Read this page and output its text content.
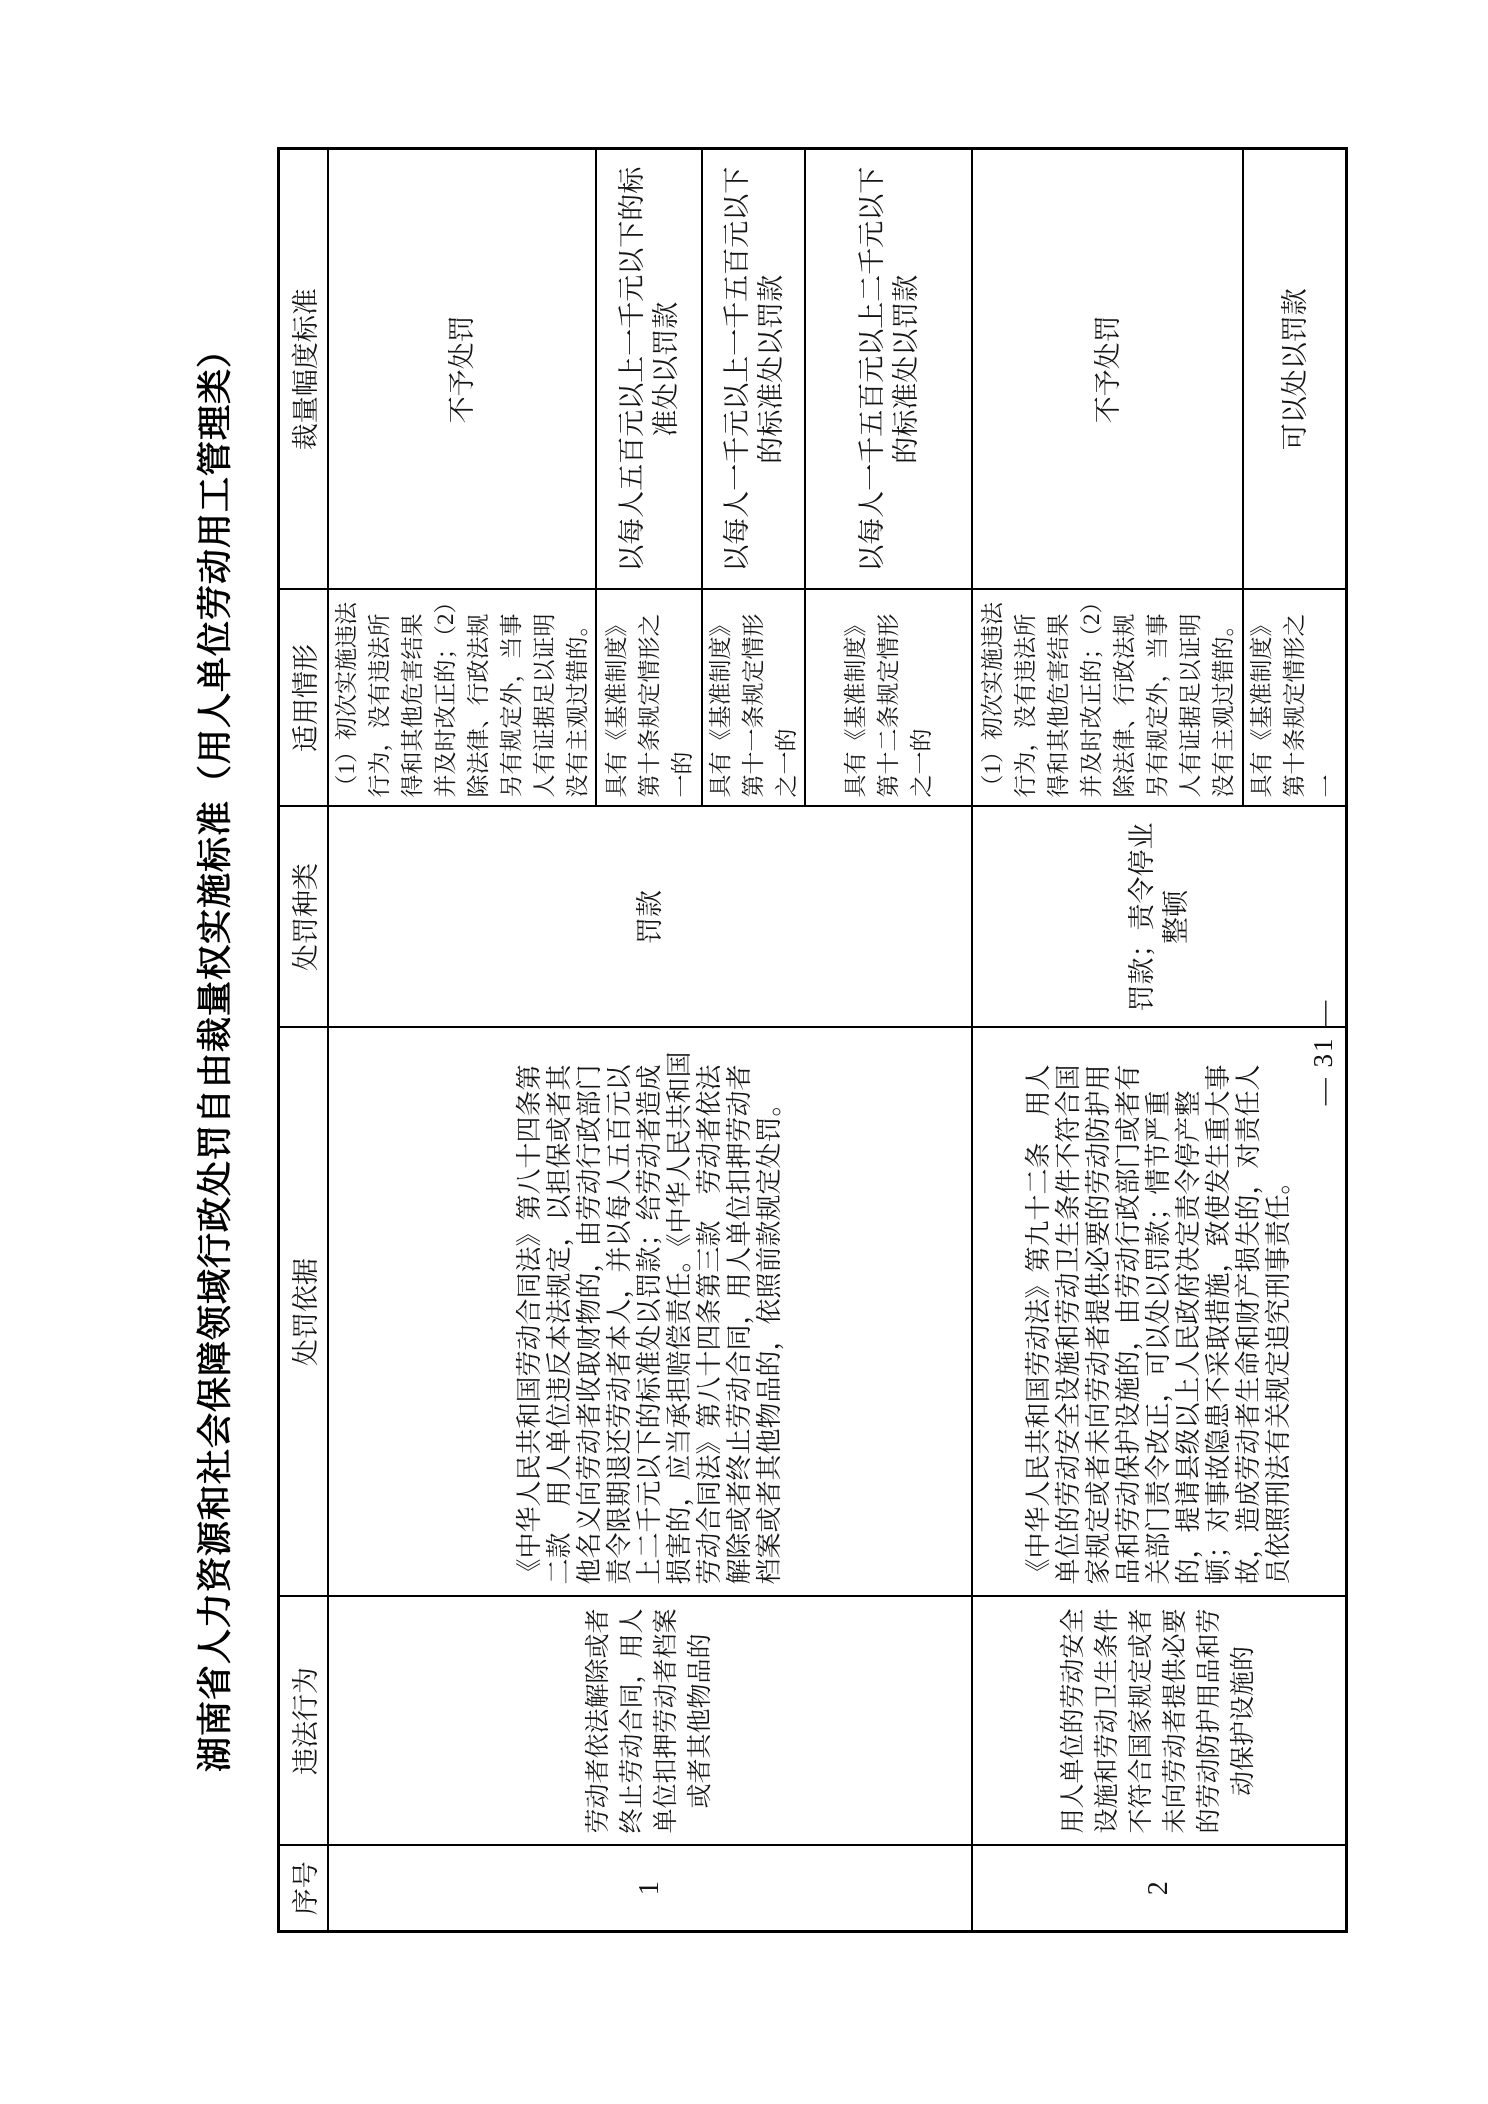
湖南省人力资源和社会保障领域行政处罚自由裁量权实施标准（用人单位劳动用工管理类）
序号	违法行为	处罚依据	处罚种类	适用情形	裁量幅度标准
1	劳动者依法解除或者终止劳动合同，用人单位扣押劳动者档案或者其他物品的	《中华人民共和国劳动合同法》第八十四条第二款　用人单位违反本法规定，以担保或者其他名义向劳动者收取财物的，由劳动行政部门责令限期退还劳动者本人，并以每人五百元以上二千元以下的标准处以罚款；给劳动者造成损害的，应当承担赔偿责任。《中华人民共和国劳动合同法》第八十四条第三款　劳动者依法解除或者终止劳动合同，用人单位扣押劳动者档案或者其他物品的，依照前款规定处罚。	罚款	（1）初次实施违法行为，没有违法所得和其他危害结果并及时改正的；（2）除法律、行政法规另有规定外，当事人有证据足以证明没有主观过错的。	不予处罚
				具有《基准制度》第十条规定情形之一的	以每人五百元以上一千元以下的标准处以罚款
				具有《基准制度》第十一条规定情形之一的	以每人一千元以上一千五百元以下的标准处以罚款
				具有《基准制度》第十二条规定情形之一的	以每人一千五百元以上二千元以下的标准处以罚款
2	用人单位的劳动安全设施和劳动卫生条件不符合国家规定或者未向劳动者提供必要的劳动防护用品和劳动保护设施的	《中华人民共和国劳动法》第九十二条　用人单位的劳动安全设施和劳动卫生条件不符合国家规定或者未向劳动者提供必要的劳动防护用品和劳动保护设施的，由劳动行政部门或者有关部门责令改正，可以处以罚款；情节严重的，提请县级以上人民政府决定责令停产整顿；对事故隐患不采取措施，致使发生重大事故，造成劳动者生命和财产损失的，对责任人员依照刑法有关规定追究刑事责任。	罚款；责令停业整顿	（1）初次实施违法行为，没有违法所得和其他危害结果并及时改正的；（2）除法律、行政法规另有规定外，当事人有证据足以证明没有主观过错的。	不予处罚
				具有《基准制度》第十条规定情形之一	可以处以罚款
— 31 —
